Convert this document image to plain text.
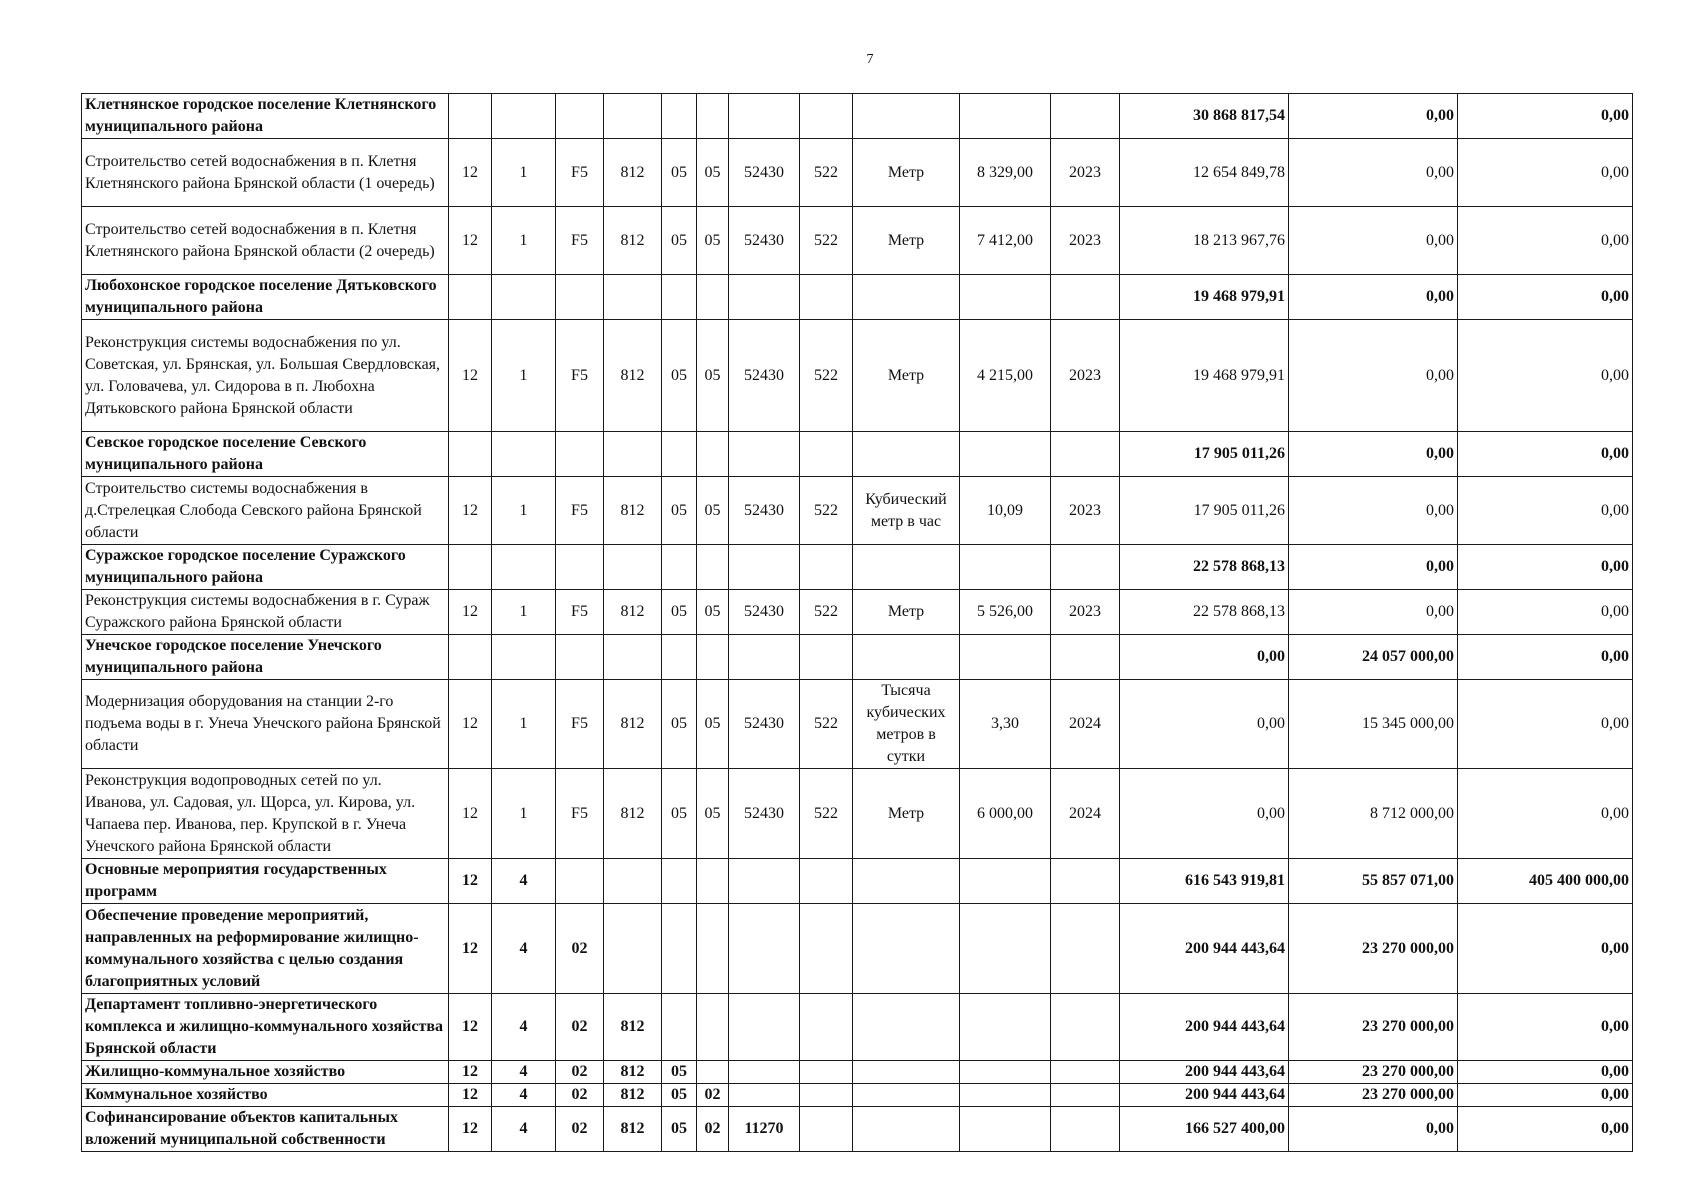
7
Клетнянское городское поселение Клетнянского муниципального района												30 868 817,54	0,00	0,00
Строительство сетей водоснабжения в п. Клетня Клетнянского района Брянской области (1 очередь)	12	1	F5	812	05	05	52430	522	Метр	8 329,00	2023	12 654 849,78	0,00	0,00
Строительство сетей водоснабжения в п. Клетня Клетнянского района Брянской области (2 очередь)	12	1	F5	812	05	05	52430	522	Метр	7 412,00	2023	18 213 967,76	0,00	0,00
Любохонское городское поселение Дятьковского муниципального района												19 468 979,91	0,00	0,00
Реконструкция системы водоснабжения по ул. Советская, ул. Брянская, ул. Большая Свердловская, ул. Головачева, ул. Сидорова в п. Любохна Дятьковского района Брянской области	12	1	F5	812	05	05	52430	522	Метр	4 215,00	2023	19 468 979,91	0,00	0,00
Севское городское поселение Севского муниципального района												17 905 011,26	0,00	0,00
Строительство системы водоснабжения в д.Стрелецкая Слобода Севского района Брянской области	12	1	F5	812	05	05	52430	522	Кубический метр в час	10,09	2023	17 905 011,26	0,00	0,00
Суражское городское поселение Суражского муниципального района												22 578 868,13	0,00	0,00
Реконструкция системы водоснабжения в г. Сураж Суражского района Брянской области	12	1	F5	812	05	05	52430	522	Метр	5 526,00	2023	22 578 868,13	0,00	0,00
Унечское городское поселение Унечского муниципального района												0,00	24 057 000,00	0,00
Модернизация оборудования на станции 2-го подъема воды в г. Унеча Унечского района Брянской области	12	1	F5	812	05	05	52430	522	Тысяча кубических метров в сутки	3,30	2024	0,00	15 345 000,00	0,00
Реконструкция водопроводных сетей по ул. Иванова, ул. Садовая, ул. Щорса, ул. Кирова, ул. Чапаева пер. Иванова, пер. Крупской в г. Унеча Унечского района Брянской области	12	1	F5	812	05	05	52430	522	Метр	6 000,00	2024	0,00	8 712 000,00	0,00
Основные мероприятия государственных программ	12	4										616 543 919,81	55 857 071,00	405 400 000,00
Обеспечение проведение мероприятий, направленных на реформирование жилищно-коммунального хозяйства с целью создания благоприятных условий	12	4	02									200 944 443,64	23 270 000,00	0,00
Департамент топливно-энергетического комплекса и жилищно-коммунального хозяйства Брянской области	12	4	02	812								200 944 443,64	23 270 000,00	0,00
Жилищно-коммунальное хозяйство	12	4	02	812	05							200 944 443,64	23 270 000,00	0,00
Коммунальное хозяйство	12	4	02	812	05	02						200 944 443,64	23 270 000,00	0,00
Софинансирование объектов капитальных вложений муниципальной собственности	12	4	02	812	05	02	11270					166 527 400,00	0,00	0,00
